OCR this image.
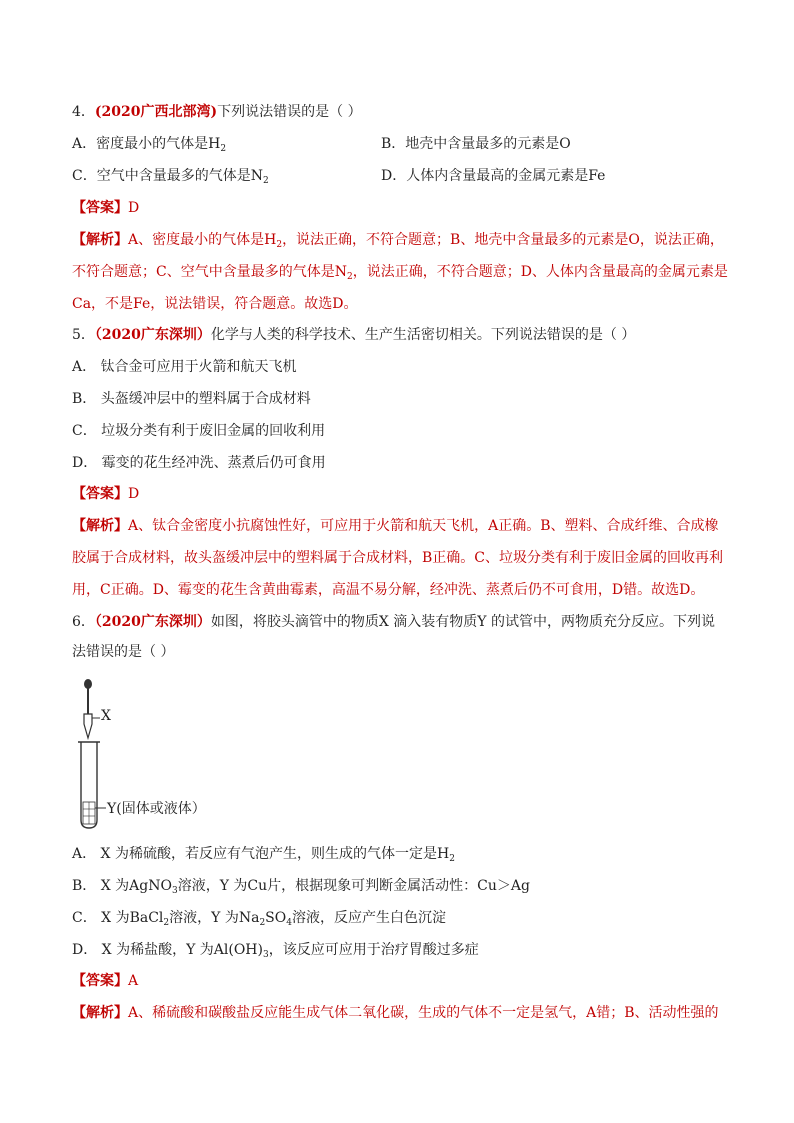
4．(2020广西北部湾)下列说法错误的是（ ）
A．密度最小的气体是$H_2$	B．地壳中含量最多的元素是O
C．空气中含量最多的气体是$N_2$	D．人体内含量最高的金属元素是Fe
【答案】D
【解析】A、密度最小的气体是$H_2$，说法正确，不符合题意；B、地壳中含量最多的元素是O，说法正确，
不符合题意；C、空气中含量最多的气体是$N_2$，说法正确，不符合题意；D、人体内含量最高的金属元素是
Ca，不是Fe，说法错误，符合题意。故选D。
5．（2020广东深圳）化学与人类的科学技术、生产生活密切相关。下列说法错误的是（ ）
A． 钛合金可应用于火箭和航天飞机
B． 头盔缓冲层中的塑料属于合成材料
C． 垃圾分类有利于废旧金属的回收利用
D． 霉变的花生经冲洗、蒸煮后仍可食用
【答案】D
【解析】A、钛合金密度小抗腐蚀性好，可应用于火箭和航天飞机，A正确。B、塑料、合成纤维、合成橡
胶属于合成材料，故头盔缓冲层中的塑料属于合成材料，B正确。C、垃圾分类有利于废旧金属的回收再利
用，C正确。D、霉变的花生含黄曲霉素，高温不易分解，经冲洗、蒸煮后仍不可食用，D错。故选D。
6．（2020广东深圳）如图，将胶头滴管中的物质X 滴入装有物质Y 的试管中，两物质充分反应。下列说
法错误的是（ ）
X
Y(固体或液体）
A． X 为稀硫酸，若反应有气泡产生，则生成的气体一定是$H_2$
B． X 为AgNO$_3$溶液，Y 为Cu片，根据现象可判断金属活动性：Cu＞Ag
C． X 为BaCl$_2$溶液，Y 为$Na_2SO_4$溶液，反应产生白色沉淀
D． X 为稀盐酸，Y 为$Al(OH)_3$，该反应可应用于治疗胃酸过多症
【答案】A
【解析】A、稀硫酸和碳酸盐反应能生成气体二氧化碳，生成的气体不一定是氢气，A错；B、活动性强的
